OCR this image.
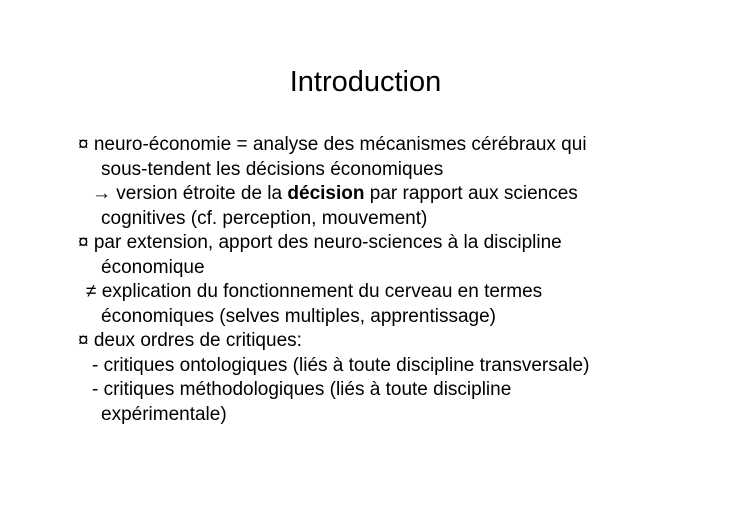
Introduction
¤ neuro-économie = analyse des mécanismes cérébraux qui
sous-tendent les décisions économiques
→ version étroite de la décision par rapport aux sciences
cognitives (cf. perception, mouvement)
¤ par extension, apport des neuro-sciences à la discipline
économique
≠ explication du fonctionnement du cerveau en termes
économiques (selves multiples, apprentissage)
¤ deux ordres de critiques:
- critiques ontologiques (liés à toute discipline transversale)
- critiques méthodologiques (liés à toute discipline
expérimentale)
